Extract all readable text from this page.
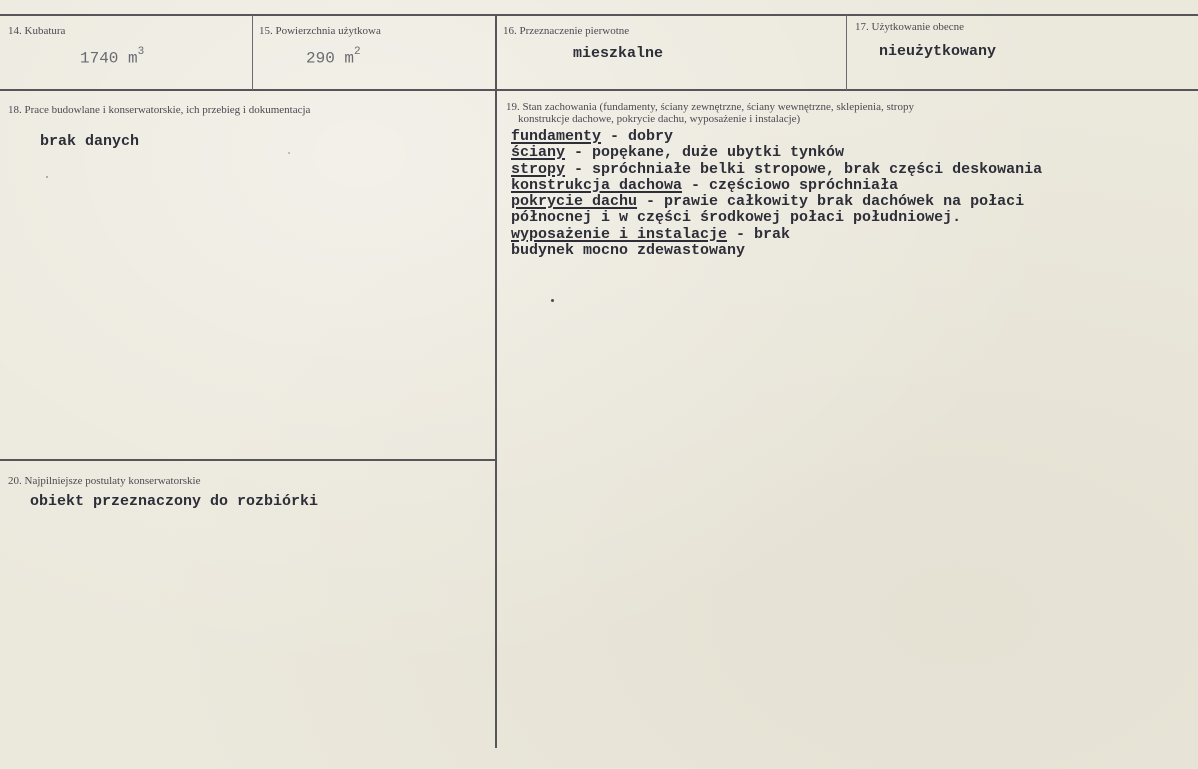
14. Kubatura
1740 $m^3$
15. Powierzchnia użytkowa
290 $m^2$
16. Przeznaczenie pierwotne
mieszkalne
17. Użytkowanie obecne
nieużytkowany
18. Prace budowlane i konserwatorskie, ich przebieg i dokumentacja
brak danych
19. Stan zachowania (fundamenty, ściany zewnętrzne, ściany wewnętrzne, sklepienia, stropy
konstrukcje dachowe, pokrycie dachu, wyposażenie i instalacje)
fundamenty - dobry
ściany - popękane, duże ubytki tynków
stropy - spróchniałe belki stropowe, brak części deskowania
konstrukcja dachowa - częściowo spróchniała
pokrycie dachu - prawie całkowity brak dachówek na połaci
północnej i w części środkowej połaci południowej.
wyposażenie i instalacje - brak
budynek mocno zdewastowany
20. Najpilniejsze postulaty konserwatorskie
obiekt przeznaczony do rozbiórki
